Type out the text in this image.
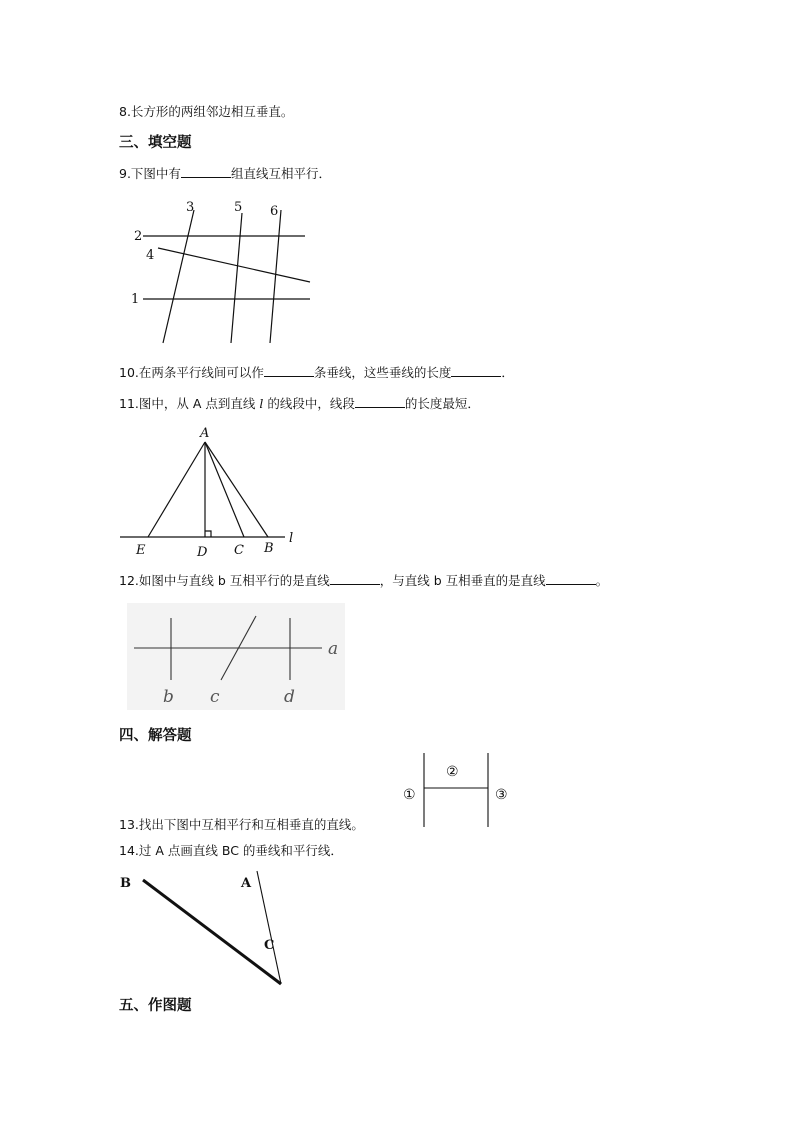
8.长方形的两组邻边相互垂直。
三、填空题
9.下图中有	组直线互相平行．
3	5 6
2
4
1
10.在两条平行线间可以作	条垂线，这些垂线的长度	．
11.图中，从 A 点到直线 l 的线段中，线段	的长度最短．
A
E	D C B
l
12.如图中与直线 b 互相平行的是直线	，与直线 b 互相垂直的是直线	。
a
b c	d
四、解答题
①
②
③
13.找出下图中互相平行和互相垂直的直线。
14.过 A 点画直线 BC 的垂线和平行线．
B	A
C
五、作图题
